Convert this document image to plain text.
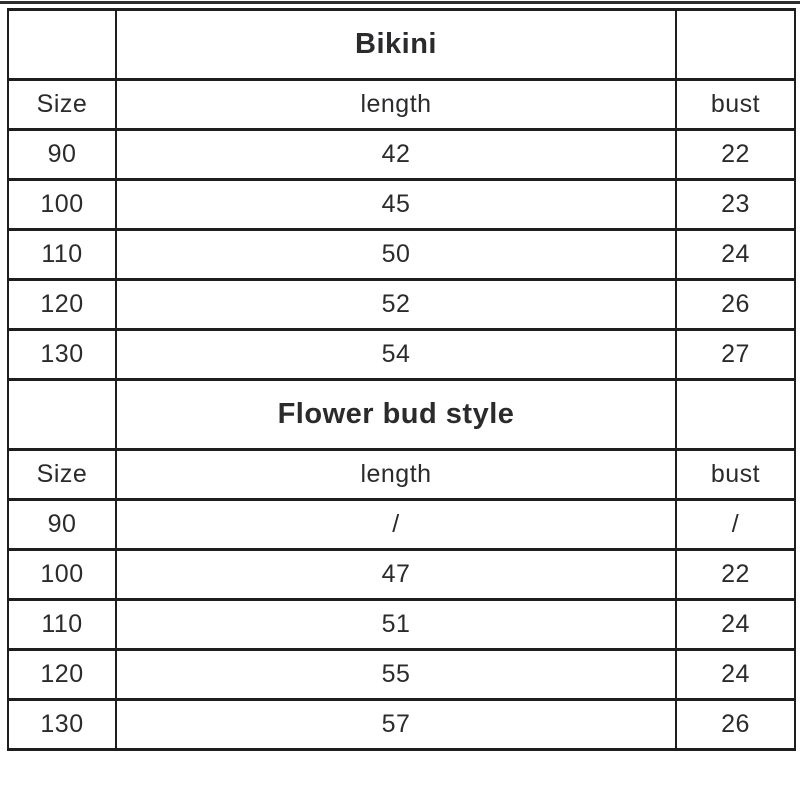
	Bikini	
Size	length	bust
90	42	22
100	45	23
110	50	24
120	52	26
130	54	27
	Flower bud style	
Size	length	bust
90	/	/
100	47	22
110	51	24
120	55	24
130	57	26
